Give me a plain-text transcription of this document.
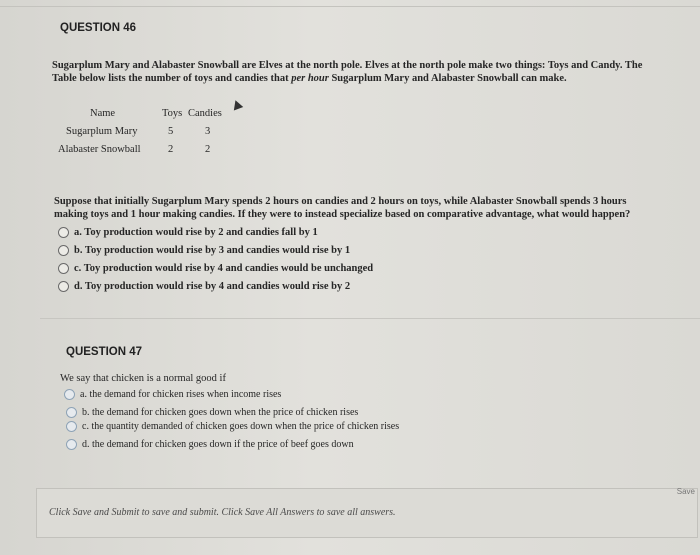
QUESTION 46
Sugarplum Mary and Alabaster Snowball are Elves at the north pole. Elves at the north pole make two things: Toys and Candy. The
Table below lists the number of toys and candies that per hour Sugarplum Mary and Alabaster Snowball can make.
Name	Toys Candies
Sugarplum Mary	5	3
Alabaster Snowball	2	2
Suppose that initially Sugarplum Mary spends 2 hours on candies and 2 hours on toys, while Alabaster Snowball spends 3 hours
making toys and 1 hour making candies. If they were to instead specialize based on comparative advantage, what would happen?
a. Toy production would rise by 2 and candies fall by 1
b. Toy production would rise by 3 and candies would rise by 1
c. Toy production would rise by 4 and candies would be unchanged
d. Toy production would rise by 4 and candies would rise by 2
QUESTION 47
We say that chicken is a normal good if
a. the demand for chicken rises when income rises
b. the demand for chicken goes down when the price of chicken rises
c. the quantity demanded of chicken goes down when the price of chicken rises
d. the demand for chicken goes down if the price of beef goes down
Click Save and Submit to save and submit. Click Save All Answers to save all answers.
Save
